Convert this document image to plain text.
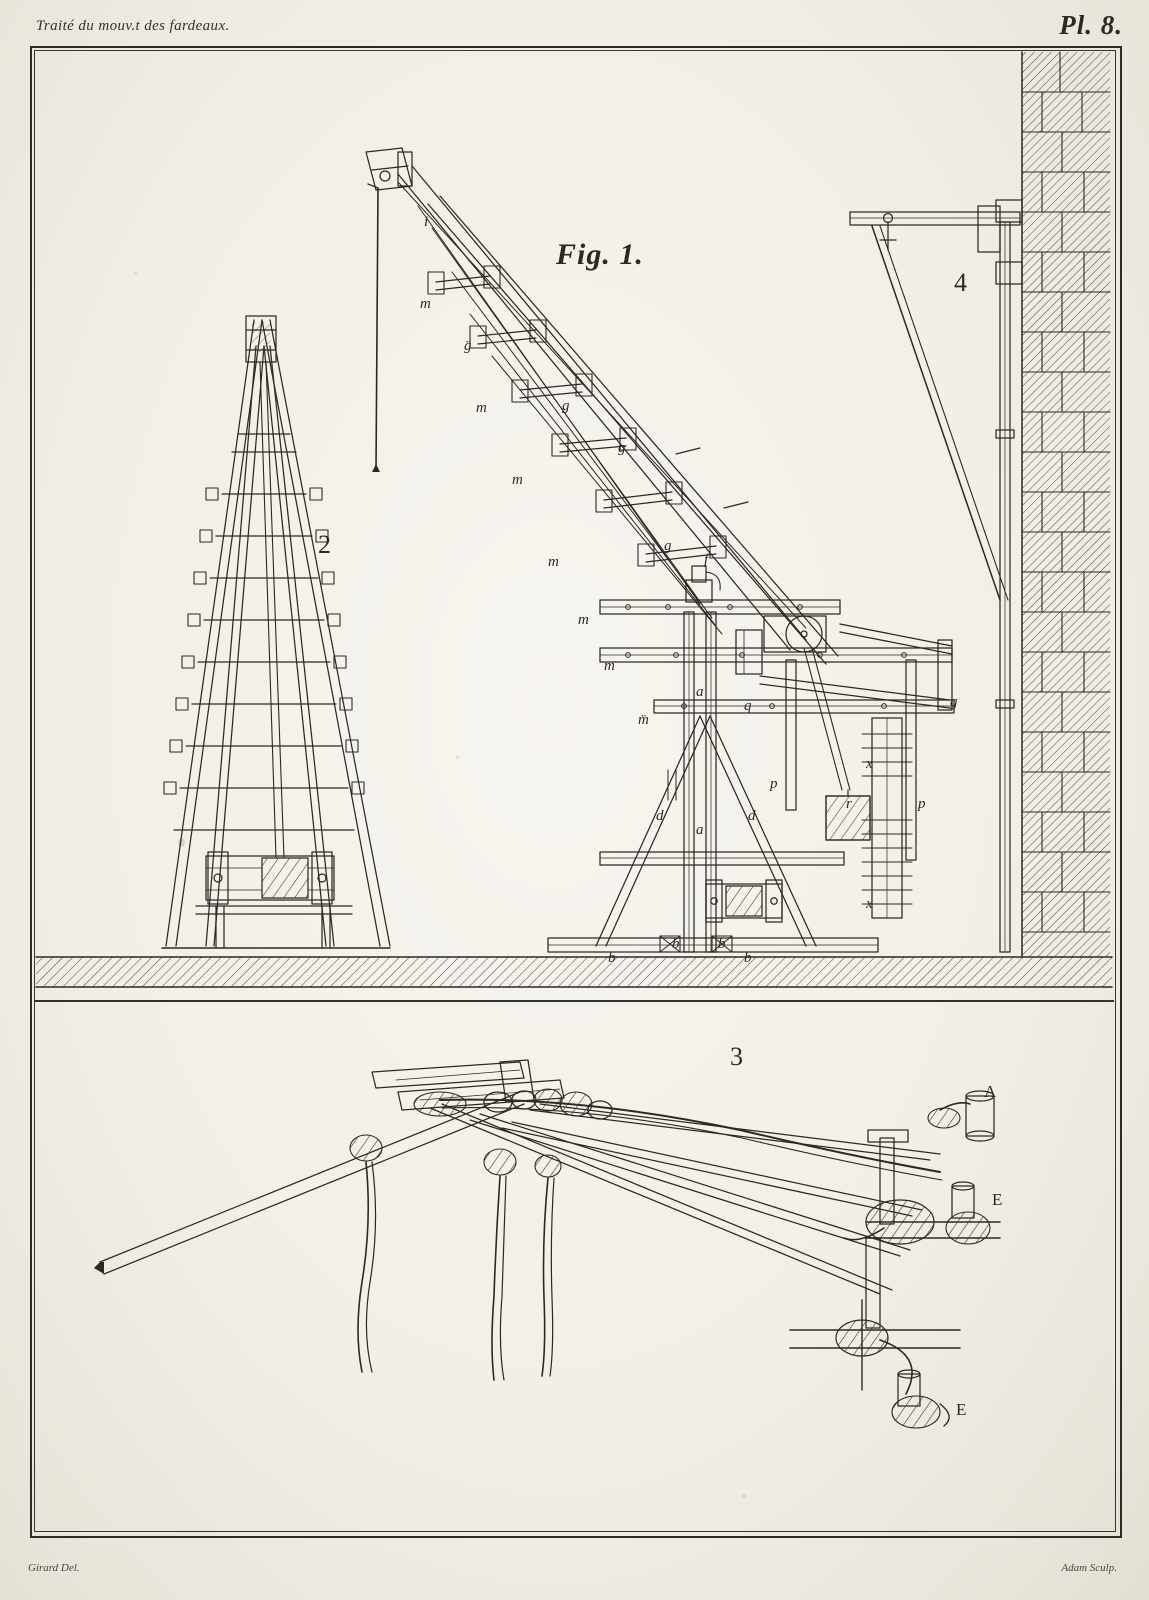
Traité du mouv.t des fardeaux.	Pl. 8.
Girard Del.	Adam Sculp.
Fig. 1.
2
3
4
i
m
g̈
m	g
g
m
m
g
f
m
m
a
q	g
m̈
x
p
r	p
d
a
d
x
b
b	b
b
A
E
E
